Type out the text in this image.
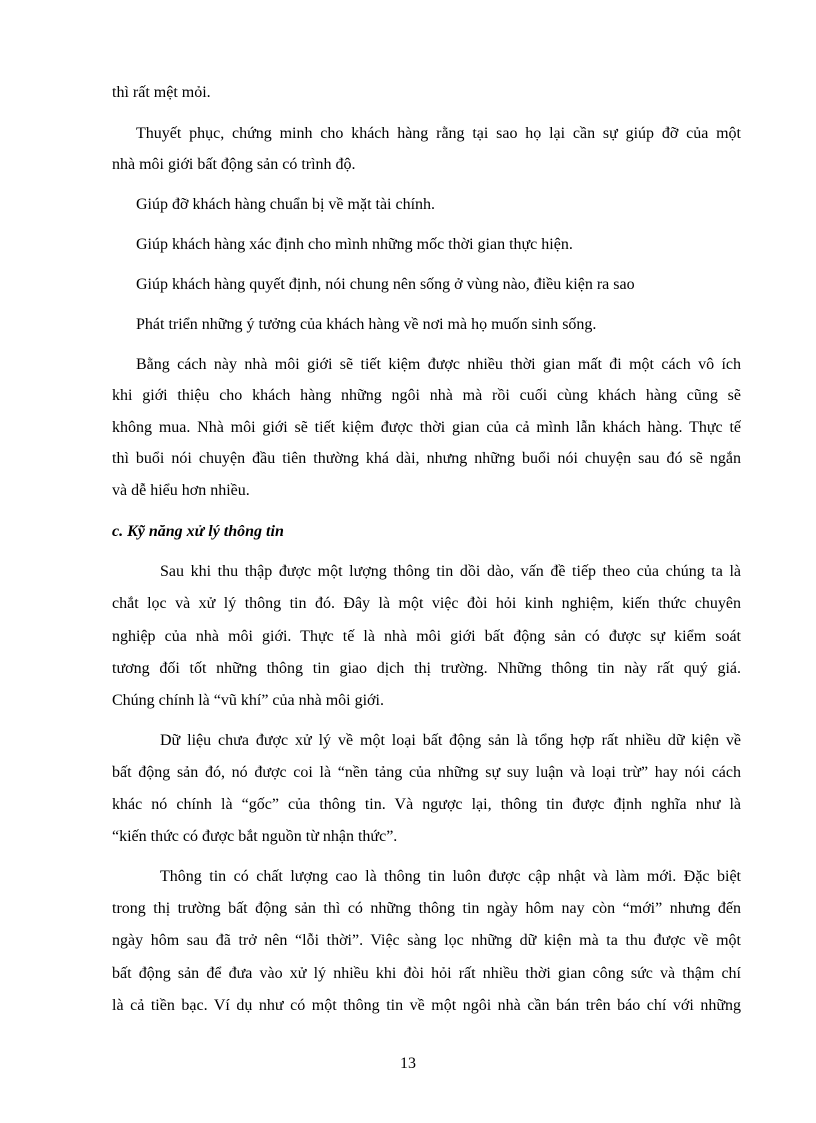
thì rất mệt mỏi.
Thuyết phục, chứng minh cho khách hàng rằng tại sao họ lại cần sự giúp đỡ của một
nhà môi giới bất động sản có trình độ.
Giúp đỡ khách hàng chuẩn bị về mặt tài chính.
Giúp khách hàng xác định cho mình những mốc thời gian thực hiện.
Giúp khách hàng quyết định, nói chung nên sống ở vùng nào, điều kiện ra sao
Phát triển những ý tưởng của khách hàng về nơi mà họ muốn sinh sống.
Bằng cách này nhà môi giới sẽ tiết kiệm được nhiều thời gian mất đi một cách vô ích
khi giới thiệu cho khách hàng những ngôi nhà mà rồi cuối cùng khách hàng cũng sẽ
không mua. Nhà môi giới sẽ tiết kiệm được thời gian của cả mình lẫn khách hàng. Thực tế
thì buổi nói chuyện đầu tiên thường khá dài, nhưng những buổi nói chuyện sau đó sẽ ngắn
và dễ hiểu hơn nhiều.
c. Kỹ năng xử lý thông tin
Sau khi thu thập được một lượng thông tin dồi dào, vấn đề tiếp theo của chúng ta là
chắt lọc và xử lý thông tin đó. Đây là một việc đòi hỏi kinh nghiệm, kiến thức chuyên
nghiệp của nhà môi giới. Thực tế là nhà môi giới bất động sản có được sự kiểm soát
tương đối tốt những thông tin giao dịch thị trường. Những thông tin này rất quý giá.
Chúng chính là “vũ khí” của nhà môi giới.
Dữ liệu chưa được xử lý về một loại bất động sản là tổng hợp rất nhiều dữ kiện về
bất động sản đó, nó được coi là “nền tảng của những sự suy luận và loại trừ” hay nói cách
khác nó chính là “gốc” của thông tin. Và ngược lại, thông tin được định nghĩa như là
“kiến thức có được bắt nguồn từ nhận thức”.
Thông tin có chất lượng cao là thông tin luôn được cập nhật và làm mới. Đặc biệt
trong thị trường bất động sản thì có những thông tin ngày hôm nay còn “mới” nhưng đến
ngày hôm sau đã trở nên “lỗi thời”. Việc sàng lọc những dữ kiện mà ta thu được về một
bất động sản để đưa vào xử lý nhiều khi đòi hỏi rất nhiều thời gian công sức và thậm chí
là cả tiền bạc. Ví dụ như có một thông tin về một ngôi nhà cần bán trên báo chí với những
13
